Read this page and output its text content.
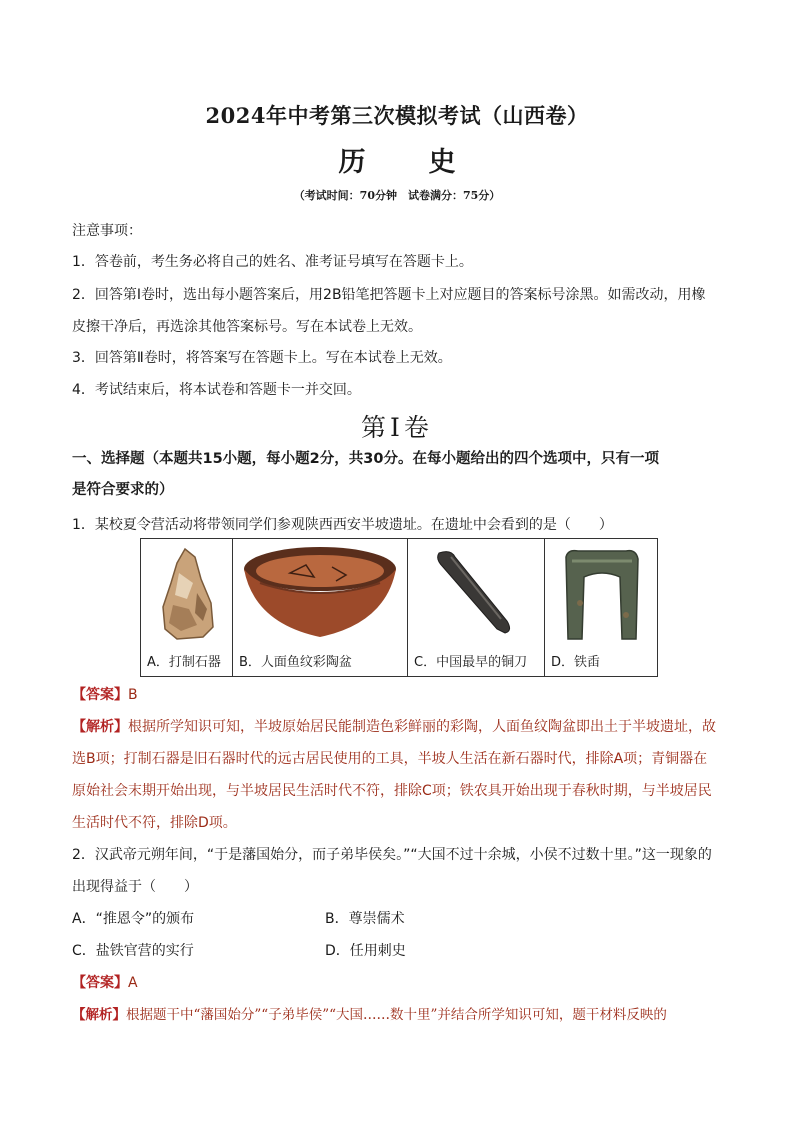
2024年中考第三次模拟考试（山西卷）
历　史
（考试时间：70分钟　试卷满分：75分）
注意事项：
1．答卷前，考生务必将自己的姓名、准考证号填写在答题卡上。
2．回答第Ⅰ卷时，选出每小题答案后，用2B铅笔把答题卡上对应题目的答案标号涂黑。如需改动，用橡
皮擦干净后，再选涂其他答案标号。写在本试卷上无效。
3．回答第Ⅱ卷时，将答案写在答题卡上。写在本试卷上无效。
4．考试结束后，将本试卷和答题卡一并交回。
第Ⅰ卷
一、选择题（本题共15小题，每小题2分，共30分。在每小题给出的四个选项中，只有一项
是符合要求的）
1．某校夏令营活动将带领同学们参观陕西西安半坡遗址。在遗址中会看到的是（　　）
A．打制石器	B．人面鱼纹彩陶盆	C．中国最早的铜刀	D．铁臿
【答案】B
【解析】根据所学知识可知，半坡原始居民能制造色彩鲜丽的彩陶，人面鱼纹陶盆即出土于半坡遗址，故
选B项；打制石器是旧石器时代的远古居民使用的工具，半坡人生活在新石器时代，排除A项；青铜器在
原始社会末期开始出现，与半坡居民生活时代不符，排除C项；铁农具开始出现于春秋时期，与半坡居民
生活时代不符，排除D项。
2．汉武帝元朔年间，“于是藩国始分，而子弟毕侯矣。”“大国不过十余城，小侯不过数十里。”这一现象的
出现得益于（　　）
A．“推恩令”的颁布	B．尊崇儒术
C．盐铁官营的实行	D．任用刺史
【答案】A
【解析】根据题干中“藩国始分”“子弟毕侯”“大国……数十里”并结合所学知识可知，题干材料反映的
